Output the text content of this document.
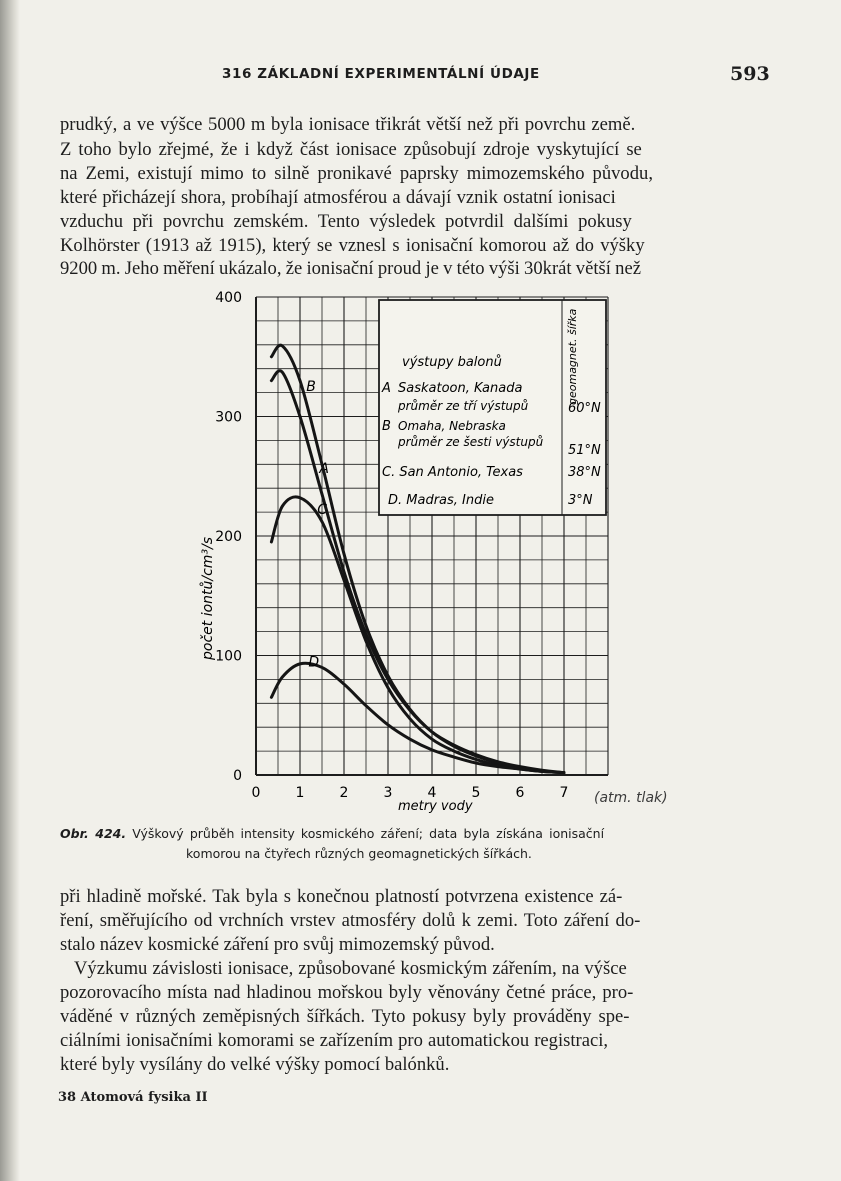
316 ZÁKLADNÍ EXPERIMENTÁLNÍ ÚDAJE	593
prudký, a ve výšce 5000 m byla ionisace třikrát větší než při povrchu země.
Z toho bylo zřejmé, že i když část ionisace způsobují zdroje vyskytující se
na Zemi, existují mimo to silně pronikavé paprsky mimozemského původu,
které přicházejí shora, probíhají atmosférou a dávají vznik ostatní ionisaci
vzduchu při povrchu zemském. Tento výsledek potvrdil dalšími pokusy
Kolhörster (1913 až 1915), který se vznesl s ionisační komorou až do výšky
9200 m. Jeho měření ukázalo, že ionisační proud je v této výši 30krát větší než
0
100
200
300
400
0	1	2	3	4	5	6	7
A
B
C
D
výstupy balonů	geomagnet. šířka
A Saskatoon, Kanada
průměr ze tří výstupů	60°N
B Omaha, Nebraska
průměr ze šesti výstupů
51°N
C. San Antonio, Texas	38°N
D. Madras, Indie	3°N
počet iontů/cm³/s
metry vody
(atm. tlak)
Obr. 424. Výškový průběh intensity kosmického záření; data byla získána ionisační
komorou na čtyřech různých geomagnetických šířkách.
při hladině mořské. Tak byla s konečnou platností potvrzena existence zá-
ření, směřujícího od vrchních vrstev atmosféry dolů k zemi. Toto záření do-
stalo název kosmické záření pro svůj mimozemský původ.
Výzkumu závislosti ionisace, způsobované kosmickým zářením, na výšce
pozorovacího místa nad hladinou mořskou byly věnovány četné práce, pro-
váděné v různých zeměpisných šířkách. Tyto pokusy byly prováděny spe-
ciálními ionisačními komorami se zařízením pro automatickou registraci,
které byly vysílány do velké výšky pomocí balónků.
38 Atomová fysika II
